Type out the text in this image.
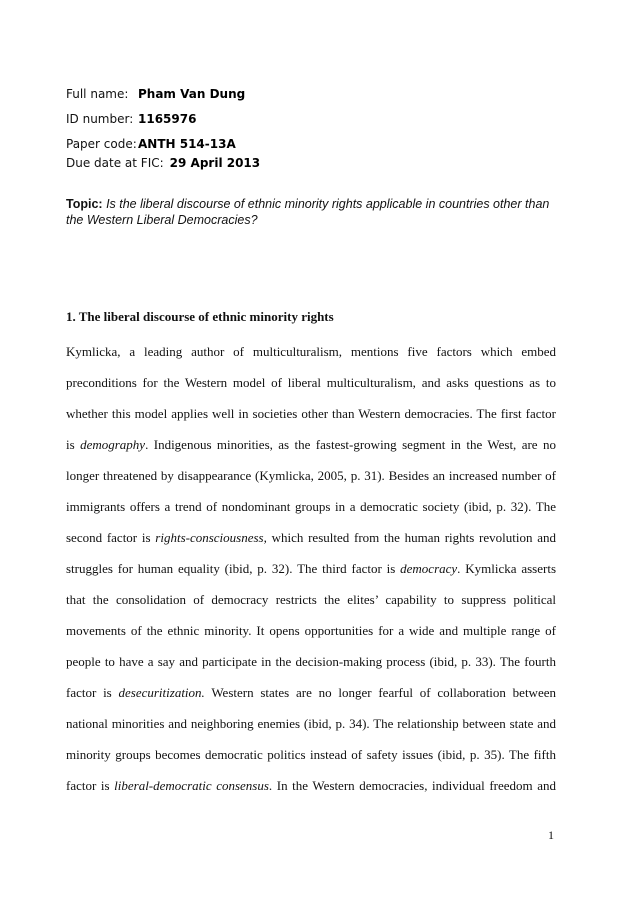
Full name: Pham Van Dung
ID number: 1165976
Paper code:ANTH 514-13A
Due date at FIC: 29 April 2013
Topic: Is the liberal discourse of ethnic minority rights applicable in countries other than the Western Liberal Democracies?
1. The liberal discourse of ethnic minority rights
Kymlicka, a leading author of multiculturalism, mentions five factors which embed
preconditions for the Western model of liberal multiculturalism, and asks questions as to
whether this model applies well in societies other than Western democracies. The first factor
is demography. Indigenous minorities, as the fastest-growing segment in the West, are no
longer threatened by disappearance (Kymlicka, 2005, p. 31). Besides an increased number of
immigrants offers a trend of nondominant groups in a democratic society (ibid, p. 32). The
second factor is rights-consciousness, which resulted from the human rights revolution and
struggles for human equality (ibid, p. 32). The third factor is democracy. Kymlicka asserts
that the consolidation of democracy restricts the elites’ capability to suppress political
movements of the ethnic minority. It opens opportunities for a wide and multiple range of
people to have a say and participate in the decision-making process (ibid, p. 33). The fourth
factor is desecuritization. Western states are no longer fearful of collaboration between
national minorities and neighboring enemies (ibid, p. 34). The relationship between state and
minority groups becomes democratic politics instead of safety issues (ibid, p. 35). The fifth
factor is liberal-democratic consensus. In the Western democracies, individual freedom and
1
